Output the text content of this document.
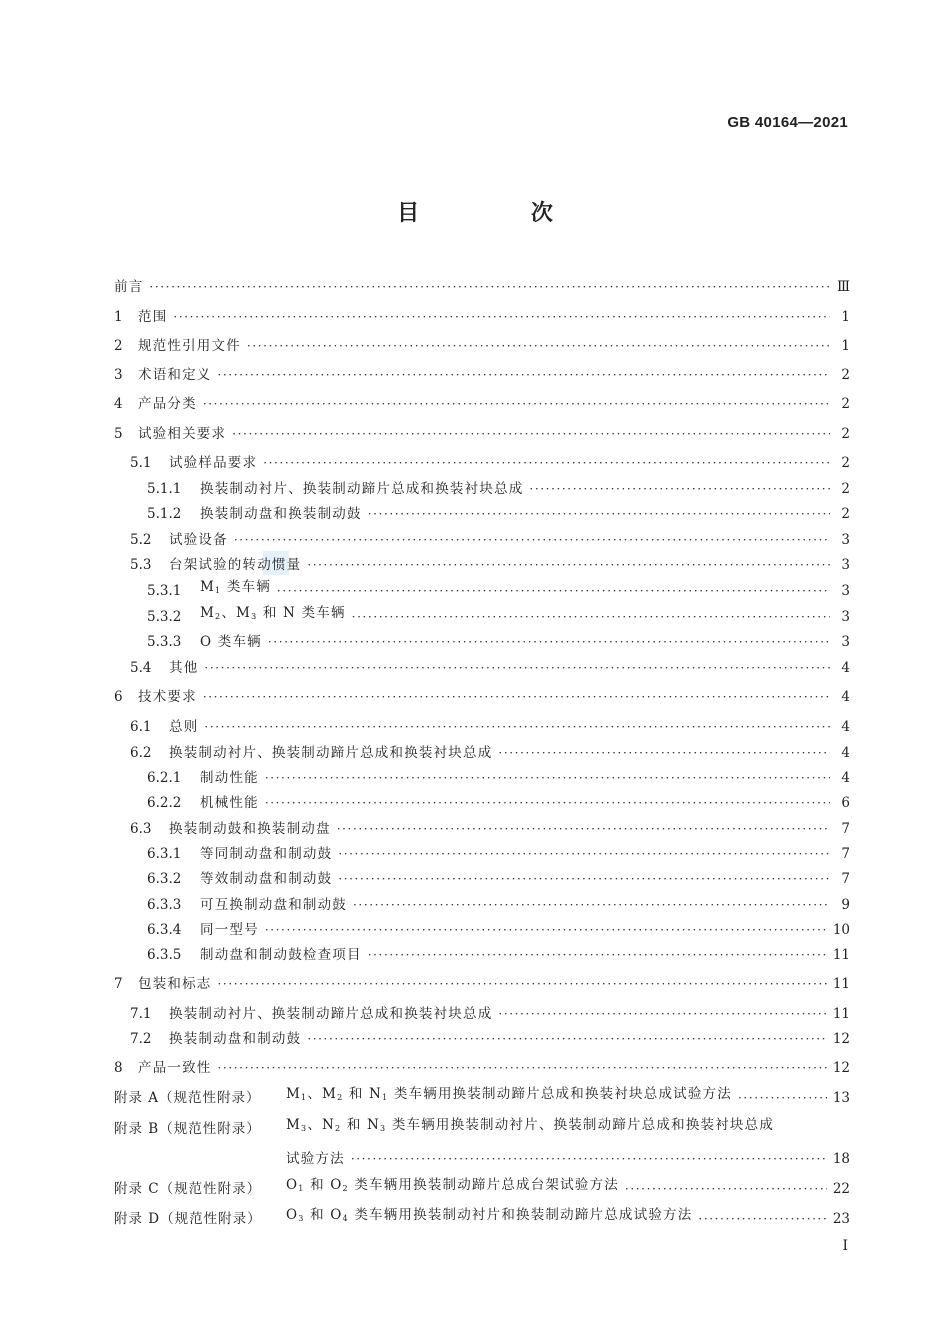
GB 40164—2021
目 次
前言 ·····	Ⅲ
1	范围 ·····	1
2	规范性引用文件 ·····	1
3	术语和定义 ·····	2
4	产品分类 ·····	2
5	试验相关要求 ·····	2
5.1	试验样品要求 ·····	2
5.1.1	换装制动衬片、换装制动蹄片总成和换装衬块总成 ·····	2
5.1.2	换装制动盘和换装制动鼓 ·····	2
5.2	试验设备 ·····	3
5.3	台架试验的转动惯量 ·····	3
5.3.1	$M_1$ 类车辆 ·····	3
5.3.2	$M_2$、$M_3$ 和 N 类车辆 ·····	3
5.3.3	O 类车辆 ·····	3
5.4	其他 ·····	4
6	技术要求 ·····	4
6.1	总则 ·····	4
6.2	换装制动衬片、换装制动蹄片总成和换装衬块总成 ·····	4
6.2.1	制动性能 ·····	4
6.2.2	机械性能 ·····	6
6.3	换装制动鼓和换装制动盘 ·····	7
6.3.1	等同制动盘和制动鼓 ·····	7
6.3.2	等效制动盘和制动鼓 ·····	7
6.3.3	可互换制动盘和制动鼓 ·····	9
6.3.4	同一型号 ·····	10
6.3.5	制动盘和制动鼓检查项目 ·····	11
7	包装和标志 ·····	11
7.1	换装制动衬片、换装制动蹄片总成和换装衬块总成 ·····	11
7.2	换装制动盘和制动鼓 ·····	12
8	产品一致性 ·····	12
附录 A（规范性附录）	$M_1$、$M_2$ 和 $N_1$ 类车辆用换装制动蹄片总成和换装衬块总成试验方法 ·····	13
附录 B（规范性附录）	$M_3$、$N_2$ 和 $N_3$ 类车辆用换装制动衬片、换装制动蹄片总成和换装衬块总成
试验方法 ·····	18
附录 C（规范性附录）	$O_1$ 和 $O_2$ 类车辆用换装制动蹄片总成台架试验方法 ·····	22
附录 D（规范性附录）	$O_3$ 和 $O_4$ 类车辆用换装制动衬片和换装制动蹄片总成试验方法 ·····	23
Ⅰ
